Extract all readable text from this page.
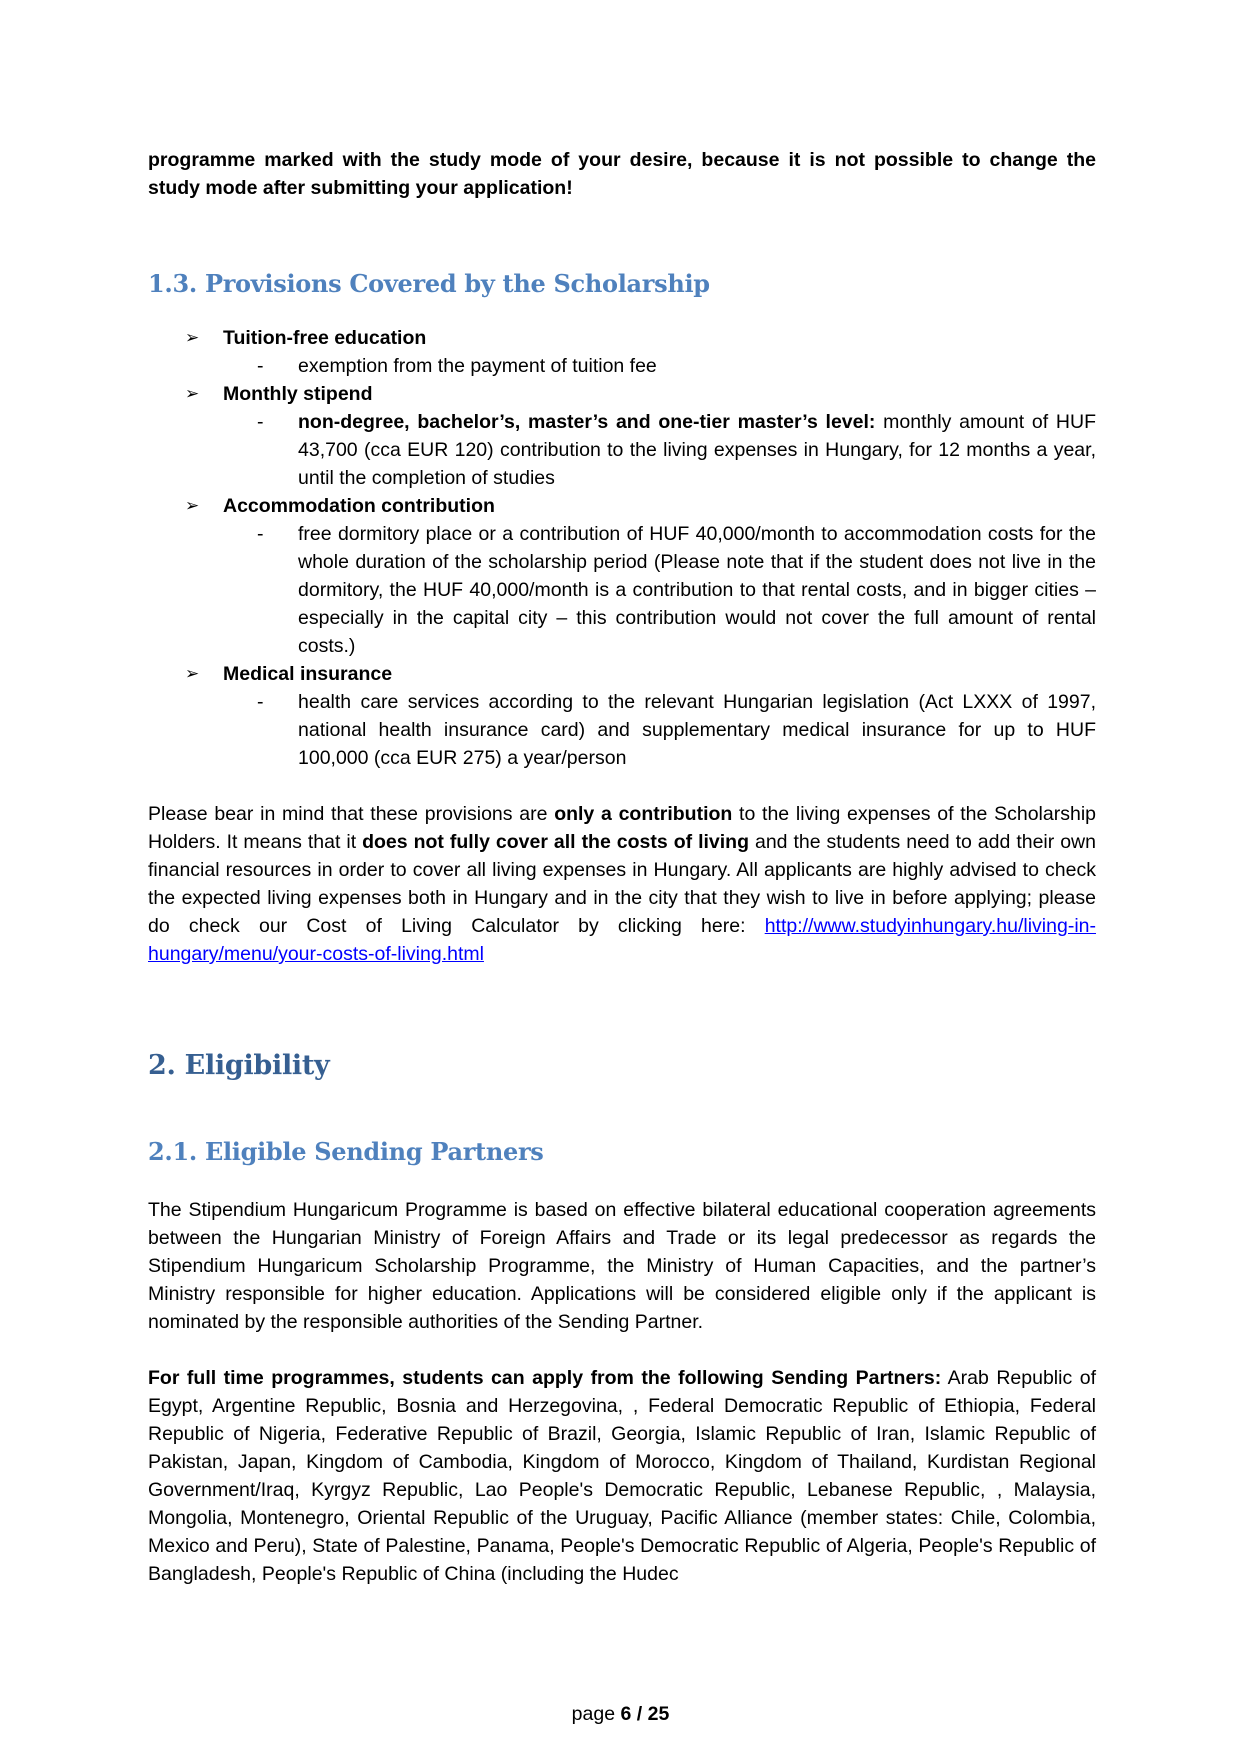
programme marked with the study mode of your desire, because it is not possible to change the study mode after submitting your application!

1.3. Provisions Covered by the Scholarship
➢ Tuition-free education
- exemption from the payment of tuition fee
➢ Monthly stipend
- non-degree, bachelor’s, master’s and one-tier master’s level: monthly amount of HUF 43,700 (cca EUR 120) contribution to the living expenses in Hungary, for 12 months a year, until the completion of studies
➢ Accommodation contribution
- free dormitory place or a contribution of HUF 40,000/month to accommodation costs for the whole duration of the scholarship period (Please note that if the student does not live in the dormitory, the HUF 40,000/month is a contribution to that rental costs, and in bigger cities – especially in the capital city – this contribution would not cover the full amount of rental costs.)
➢ Medical insurance
- health care services according to the relevant Hungarian legislation (Act LXXX of 1997, national health insurance card) and supplementary medical insurance for up to HUF 100,000 (cca EUR 275) a year/person

Please bear in mind that these provisions are only a contribution to the living expenses of the Scholarship Holders. It means that it does not fully cover all the costs of living and the students need to add their own financial resources in order to cover all living expenses in Hungary. All applicants are highly advised to check the expected living expenses both in Hungary and in the city that they wish to live in before applying; please do check our Cost of Living Calculator by clicking here: http://www.studyinhungary.hu/living-in-hungary/menu/your-costs-of-living.html

2. Eligibility
2.1. Eligible Sending Partners

The Stipendium Hungaricum Programme is based on effective bilateral educational cooperation agreements between the Hungarian Ministry of Foreign Affairs and Trade or its legal predecessor as regards the Stipendium Hungaricum Scholarship Programme, the Ministry of Human Capacities, and the partner’s Ministry responsible for higher education. Applications will be considered eligible only if the applicant is nominated by the responsible authorities of the Sending Partner.

For full time programmes, students can apply from the following Sending Partners: Arab Republic of Egypt, Argentine Republic, Bosnia and Herzegovina, , Federal Democratic Republic of Ethiopia, Federal Republic of Nigeria, Federative Republic of Brazil, Georgia, Islamic Republic of Iran, Islamic Republic of Pakistan, Japan, Kingdom of Cambodia, Kingdom of Morocco, Kingdom of Thailand, Kurdistan Regional Government/Iraq, Kyrgyz Republic, Lao People's Democratic Republic, Lebanese Republic, , Malaysia, Mongolia, Montenegro, Oriental Republic of the Uruguay, Pacific Alliance (member states: Chile, Colombia, Mexico and Peru), State of Palestine, Panama, People's Democratic Republic of Algeria, People's Republic of Bangladesh, People's Republic of China (including the Hudec

page 6 / 25
